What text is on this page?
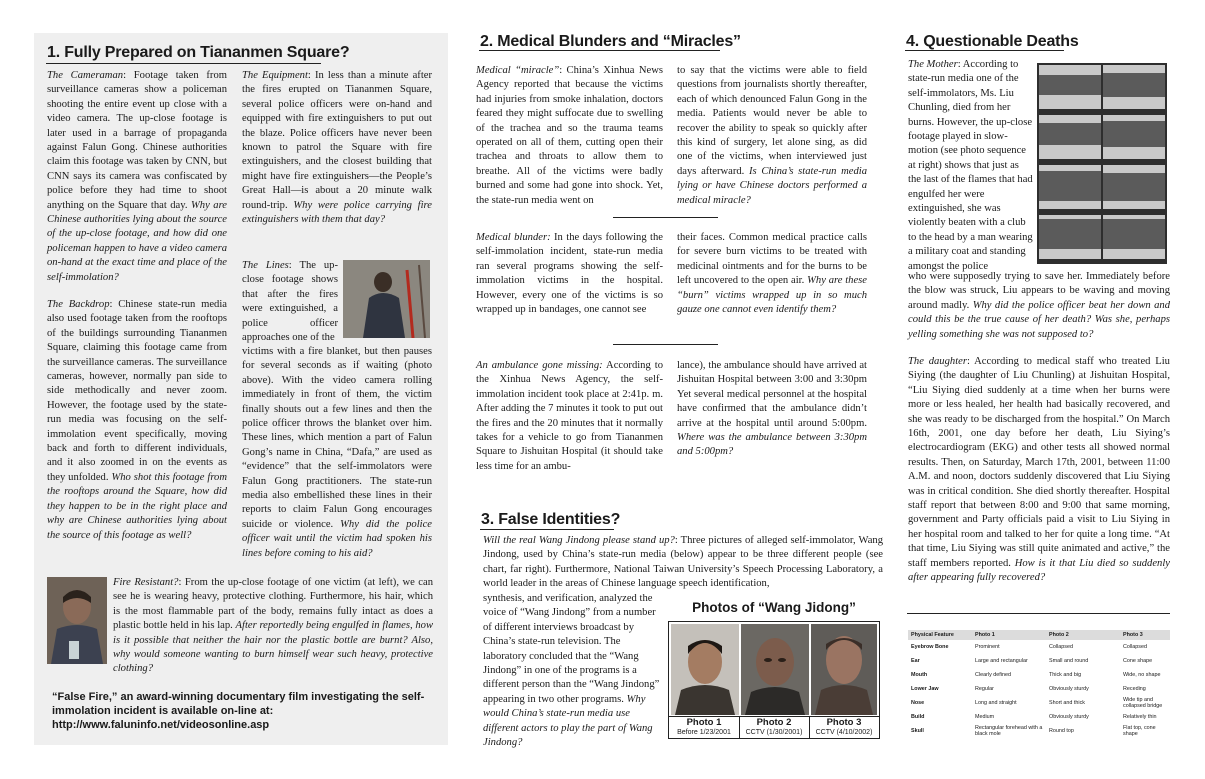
1. Fully Prepared on Tiananmen Square?
The Cameraman: Footage taken from surveillance cameras show a policeman shooting the entire event up close with a video camera. The up-close footage is later used in a barrage of propaganda against Falun Gong. Chinese authorities claim this footage was taken by CNN, but CNN says its camera was confiscated by police before they had time to shoot anything on the Square that day. Why are Chinese authorities lying about the source of the up-close footage, and how did one policeman happen to have a video camera on-hand at the exact time and place of the self-immolation?
The Backdrop: Chinese state-run media also used footage taken from the rooftops of the buildings surrounding Tiananmen Square, claiming this footage came from the surveillance cameras. The surveillance cameras, however, normally pan side to side methodically and never zoom. However, the footage used by the state-run media was focusing on the self-immolation event specifically, moving back and forth to different individuals, and it also zoomed in on the events as they unfolded. Who shot this footage from the rooftops around the Square, how did they happen to be in the right place and why are Chinese authorities lying about the source of this footage as well?
The Equipment: In less than a minute after the fires erupted on Tiananmen Square, several police officers were on-hand and equipped with fire extinguishers to put out the blaze. Police officers have never been known to patrol the Square with fire extinguishers, and the closest building that might have fire extinguishers—the People’s Great Hall—is about a 20 minute walk round-trip. Why were police carrying fire extinguishers with them that day?
The Lines: The up-close footage shows that after the fires were extinguished, a police officer approaches one of the
victims with a fire blanket, but then pauses for several seconds as if waiting (photo above). With the video camera rolling immediately in front of them, the victim finally shouts out a few lines and then the police officer throws the blanket over him. These lines, which mention a part of Falun Gong’s name in China, “Dafa,” are used as “evidence” that the self-immolators were Falun Gong practitioners. The state-run media also embellished these lines in their reports to claim Falun Gong encourages suicide or violence. Why did the police officer wait until the victim had spoken his lines before coming to his aid?
Fire Resistant?: From the up-close footage of one victim (at left), we can see he is wearing heavy, protective clothing. Furthermore, his hair, which is the most flammable part of the body, remains fully intact as does a plastic bottle held in his lap. After reportedly being engulfed in flames, how is it possible that neither the hair nor the plastic bottle are burnt? Also, why would someone wanting to burn himself wear such heavy, protective clothing?
“False Fire,” an award-winning documentary film investigating the self-immolation incident is available on-line at: http://www.faluninfo.net/videosonline.asp
2. Medical Blunders and “Miracles”
Medical “miracle”: China’s Xinhua News Agency reported that because the victims had injuries from smoke inhalation, doctors feared they might suffocate due to swelling of the trachea and so the trauma teams operated on all of them, cutting open their trachea and throats to allow them to breathe. All of the victims were badly burned and some had gone into shock. Yet, the state-run media went on
to say that the victims were able to field questions from journalists shortly thereafter, each of which denounced Falun Gong in the media. Patients would never be able to recover the ability to speak so quickly after this kind of surgery, let alone sing, as did one of the victims, when interviewed just days afterward. Is China’s state-run media lying or have Chinese doctors performed a medical miracle?
Medical blunder: In the days following the self-immolation incident, state-run media ran several programs showing the self-immolation victims in the hospital. However, every one of the victims is so wrapped up in bandages, one cannot see
their faces. Common medical practice calls for severe burn victims to be treated with medicinal ointments and for the burns to be left uncovered to the open air. Why are these “burn” victims wrapped up in so much gauze one cannot even identify them?
An ambulance gone missing: According to the Xinhua News Agency, the self-immolation incident took place at 2:41p. m. After adding the 7 minutes it took to put out the fires and the 20 minutes that it normally takes for a vehicle to go from Tiananmen Square to Jishuitan Hospital (it should take less time for an ambu-
lance), the ambulance should have arrived at Jishuitan Hospital between 3:00 and 3:30pm Yet several medical personnel at the hospital have confirmed that the ambulance didn’t arrive at the hospital until around 5:00pm. Where was the ambulance between 3:30pm and 5:00pm?
3. False Identities?
Will the real Wang Jindong please stand up?: Three pictures of alleged self-immolator, Wang Jindong, used by China’s state-run media (below) appear to be three different people (see chart, far right). Furthermore, National Taiwan University’s Speech Processing Laboratory, a world leader in the areas of Chinese language speech identification,
synthesis, and verification, analyzed the voice of “Wang Jindong” from a number of different interviews broadcast by China’s state-run television. The laboratory concluded that the “Wang Jindong” in one of the programs is a different person than the “Wang Jindong” appearing in two other programs. Why would China’s state-run media use different actors to play the part of Wang Jindong?
Photos of “Wang Jidong”
Photo 1
Before 1/23/2001
Photo 2
CCTV (1/30/2001)
Photo 3
CCTV (4/10/2002)
4. Questionable Deaths
The Mother: According to state-run media one of the self-immolators, Ms. Liu Chunling, died from her burns. However, the up-close footage played in slow-motion (see photo sequence at right) shows that just as the last of the flames that had engulfed her were extinguished, she was violently beaten with a club to the head by a man wearing a military coat and standing amongst the police
who were supposedly trying to save her. Immediately before the blow was struck, Liu appears to be waving and moving around madly. Why did the police officer beat her down and could this be the true cause of her death? Was she, perhaps yelling something she was not supposed to?
The daughter: According to medical staff who treated Liu Siying (the daughter of Liu Chunling) at Jishuitan Hospital, “Liu Siying died suddenly at a time when her burns were more or less healed, her health had basically recovered, and she was ready to be discharged from the hospital.” On March 16th, 2001, one day before her death, Liu Siying’s electrocardiogram (EKG) and other tests all showed normal results. Then, on Saturday, March 17th, 2001, between 11:00 A.M. and noon, doctors suddenly discovered that Liu Siying was in critical condition. She died shortly thereafter. Hospital staff report that between 8:00 and 9:00 that same morning, government and Party officials paid a visit to Liu Siying in her hospital room and talked to her for quite a long time. “At that time, Liu Siying was still quite animated and active,” the staff members reported. How is it that Liu died so suddenly after appearing fully recovered?
Physical Feature	Photo 1	Photo 2	Photo 3
Eyebrow Bone	Prominent	Collapsed	Collapsed
Ear	Large and rectangular	Small and round	Cone shape
Mouth	Clearly defined	Thick and big	Wide, no shape
Lower Jaw	Regular	Obviously sturdy	Receding
Nose	Long and straight	Short and thick	Wide tip and collapsed bridge
Build	Medium	Obviously sturdy	Relatively thin
Skull	Rectangular forehead with a black mole	Round top	Flat top, cone shape
